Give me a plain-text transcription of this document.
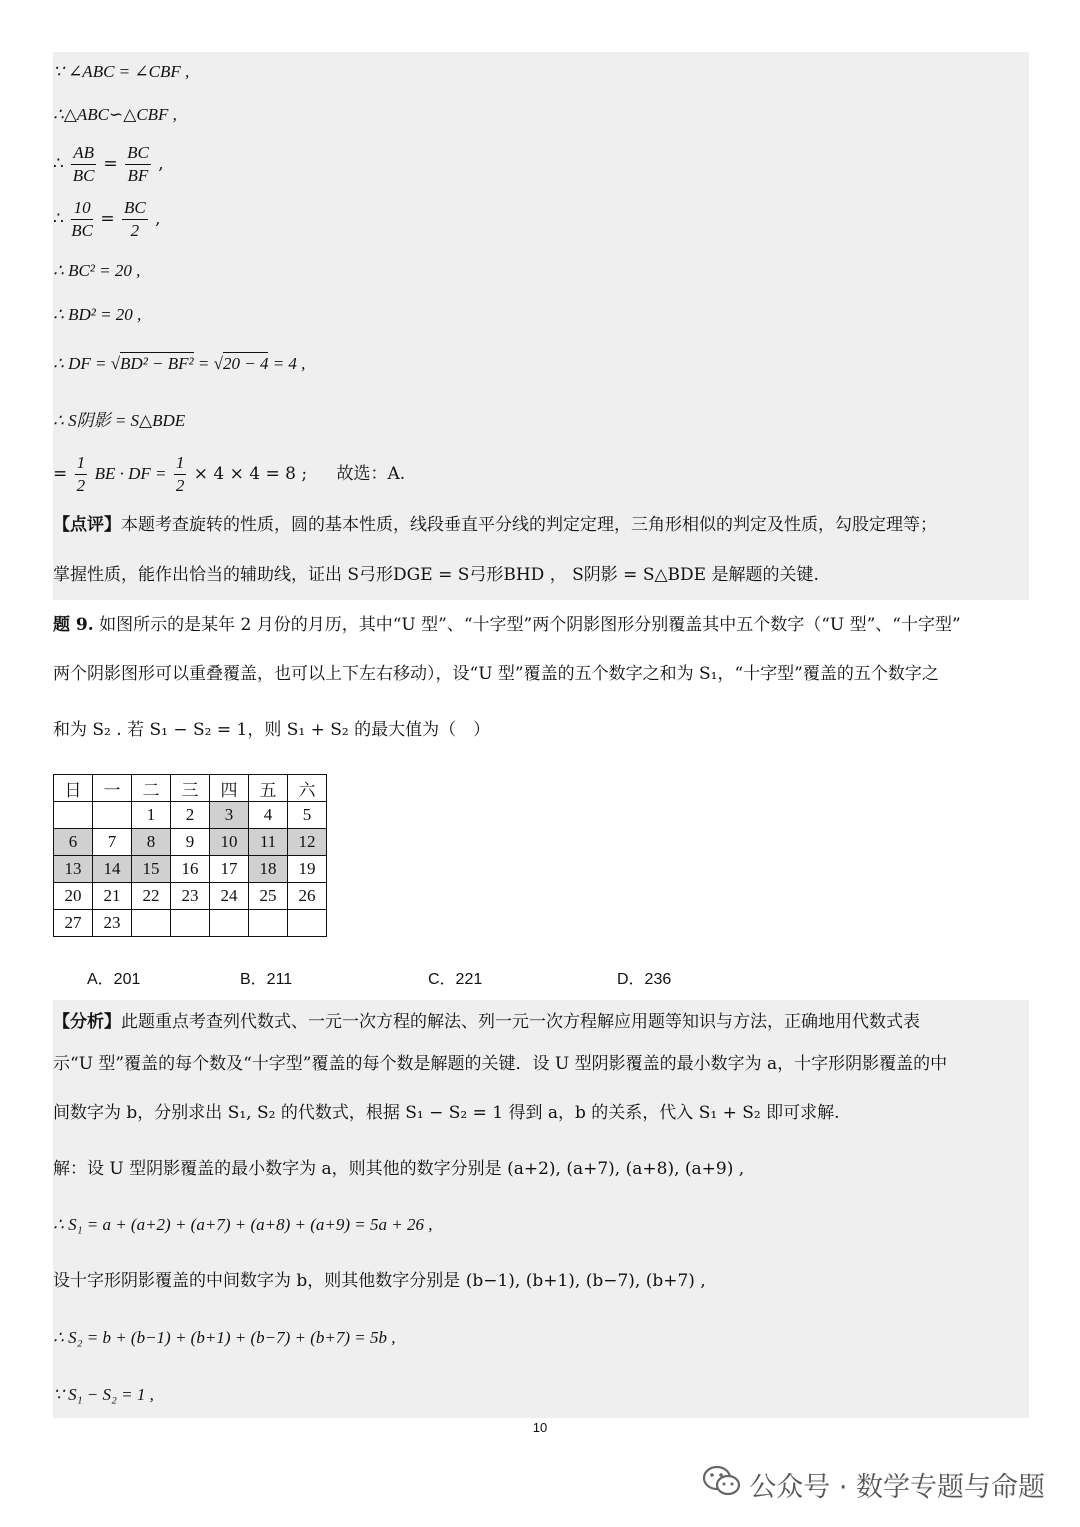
∵ ∠ABC = ∠CBF ,
∴△ABC∽△CBF ,
∴ $\frac{AB}{BC} = \frac{BC}{BF}$ ,
∴ $\frac{10}{BC} = \frac{BC}{2}$ ,
∴ BC² = 20 ,
∴ BD² = 20 ,
∴ DF = √BD² − BF² = √20 − 4 = 4 ,
∴ S阴影 = S△BDE
= $\frac{1}{2}$ BE · DF = $\frac{1}{2} \times 4 \times 4 = 8$ ; 故选：A.
【点评】本题考查旋转的性质，圆的基本性质，线段垂直平分线的判定定理，三角形相似的判定及性质，勾股定理等；
掌握性质，能作出恰当的辅助线，证出 S弓形DGE = S弓形BHD ， S阴影 = S△BDE 是解题的关键.
题 9. 如图所示的是某年 2 月份的月历，其中“U 型”、“十字型”两个阴影图形分别覆盖其中五个数字（“U 型”、“十字型”
两个阴影图形可以重叠覆盖，也可以上下左右移动），设“U 型”覆盖的五个数字之和为 S₁，“十字型”覆盖的五个数字之
和为 S₂ . 若 S₁ − S₂ = 1，则 S₁ + S₂ 的最大值为（　）
日	一	二	三	四	五	六
		1	2	3	4	5
6	7	8	9	10	11	12
13	14	15	16	17	18	19
20	21	22	23	24	25	26
27	23					
A．201	B．211	C．221	D．236
【分析】此题重点考查列代数式、一元一次方程的解法、列一元一次方程解应用题等知识与方法，正确地用代数式表
示“U 型”覆盖的每个数及“十字型”覆盖的每个数是解题的关键．设 U 型阴影覆盖的最小数字为 a，十字形阴影覆盖的中
间数字为 b，分别求出 S₁, S₂ 的代数式，根据 S₁ − S₂ = 1 得到 a，b 的关系，代入 S₁ + S₂ 即可求解.
解：设 U 型阴影覆盖的最小数字为 a，则其他的数字分别是 (a+2), (a+7), (a+8), (a+9) ,
∴ S₁ = a + (a+2) + (a+7) + (a+8) + (a+9) = 5a + 26 ,
设十字形阴影覆盖的中间数字为 b，则其他数字分别是 (b−1), (b+1), (b−7), (b+7) ,
∴ S₂ = b + (b−1) + (b+1) + (b−7) + (b+7) = 5b ,
∵ S₁ − S₂ = 1 ,
10
公众号 · 数学专题与命题
